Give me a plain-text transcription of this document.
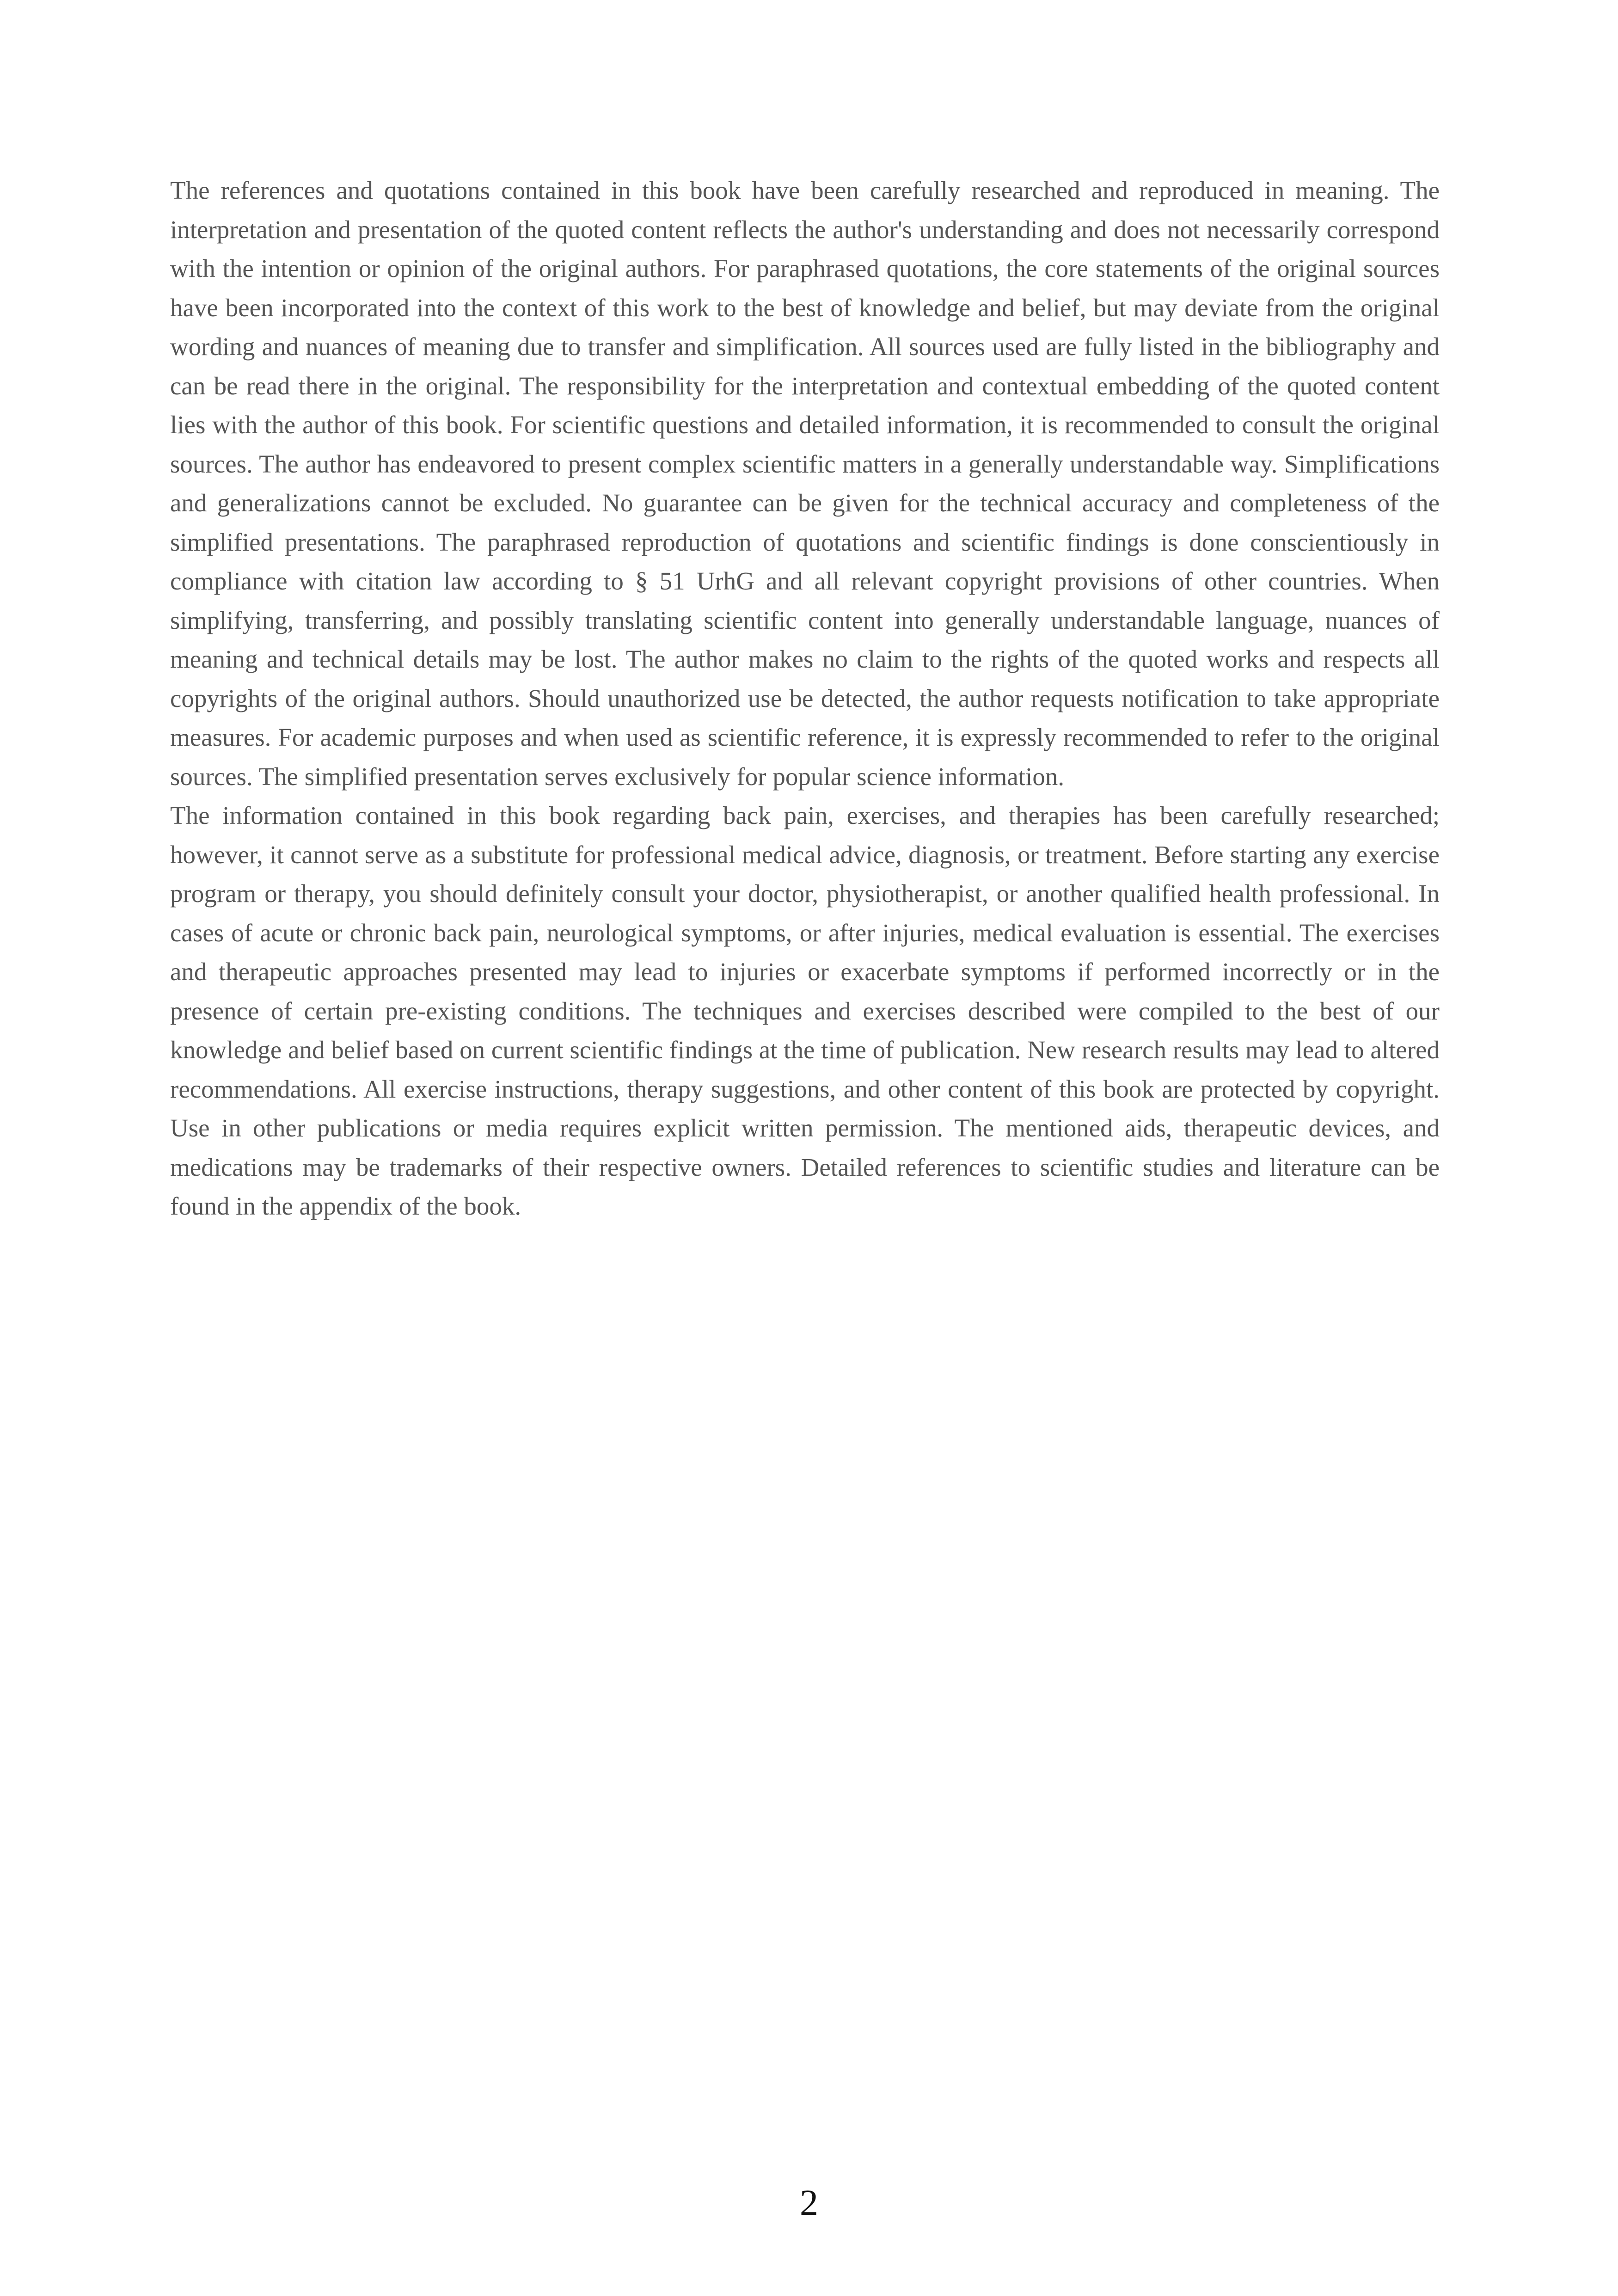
The references and quotations contained in this book have been carefully researched and reproduced in meaning. The interpretation and presentation of the quoted content reflects the author's understanding and does not necessarily correspond with the intention or opinion of the original authors. For paraphrased quotations, the core statements of the original sources have been incorporated into the context of this work to the best of knowledge and belief, but may deviate from the original wording and nuances of meaning due to transfer and simplification. All sources used are fully listed in the bibliography and can be read there in the original. The responsibility for the interpretation and contextual embedding of the quoted content lies with the author of this book. For scientific questions and detailed information, it is recommended to consult the original sources. The author has endeavored to present complex scientific matters in a generally understandable way. Simplifications and generalizations cannot be excluded. No guarantee can be given for the technical accuracy and completeness of the simplified presentations. The paraphrased reproduction of quotations and scientific findings is done conscientiously in compliance with citation law according to § 51 UrhG and all relevant copyright provisions of other countries. When simplifying, transferring, and possibly translating scientific content into generally understandable language, nuances of meaning and technical details may be lost. The author makes no claim to the rights of the quoted works and respects all copyrights of the original authors. Should unauthorized use be detected, the author requests notification to take appropriate measures. For academic purposes and when used as scientific reference, it is expressly recommended to refer to the original sources. The simplified presentation serves exclusively for popular science information.

The information contained in this book regarding back pain, exercises, and therapies has been carefully researched; however, it cannot serve as a substitute for professional medical advice, diagnosis, or treatment. Before starting any exercise program or therapy, you should definitely consult your doctor, physiotherapist, or another qualified health professional. In cases of acute or chronic back pain, neurological symptoms, or after injuries, medical evaluation is essential. The exercises and therapeutic approaches presented may lead to injuries or exacerbate symptoms if performed incorrectly or in the presence of certain pre-existing conditions. The techniques and exercises described were compiled to the best of our knowledge and belief based on current scientific findings at the time of publication. New research results may lead to altered recommendations. All exercise instructions, therapy suggestions, and other content of this book are protected by copyright. Use in other publications or media requires explicit written permission. The mentioned aids, therapeutic devices, and medications may be trademarks of their respective owners. Detailed references to scientific studies and literature can be found in the appendix of the book.

2
